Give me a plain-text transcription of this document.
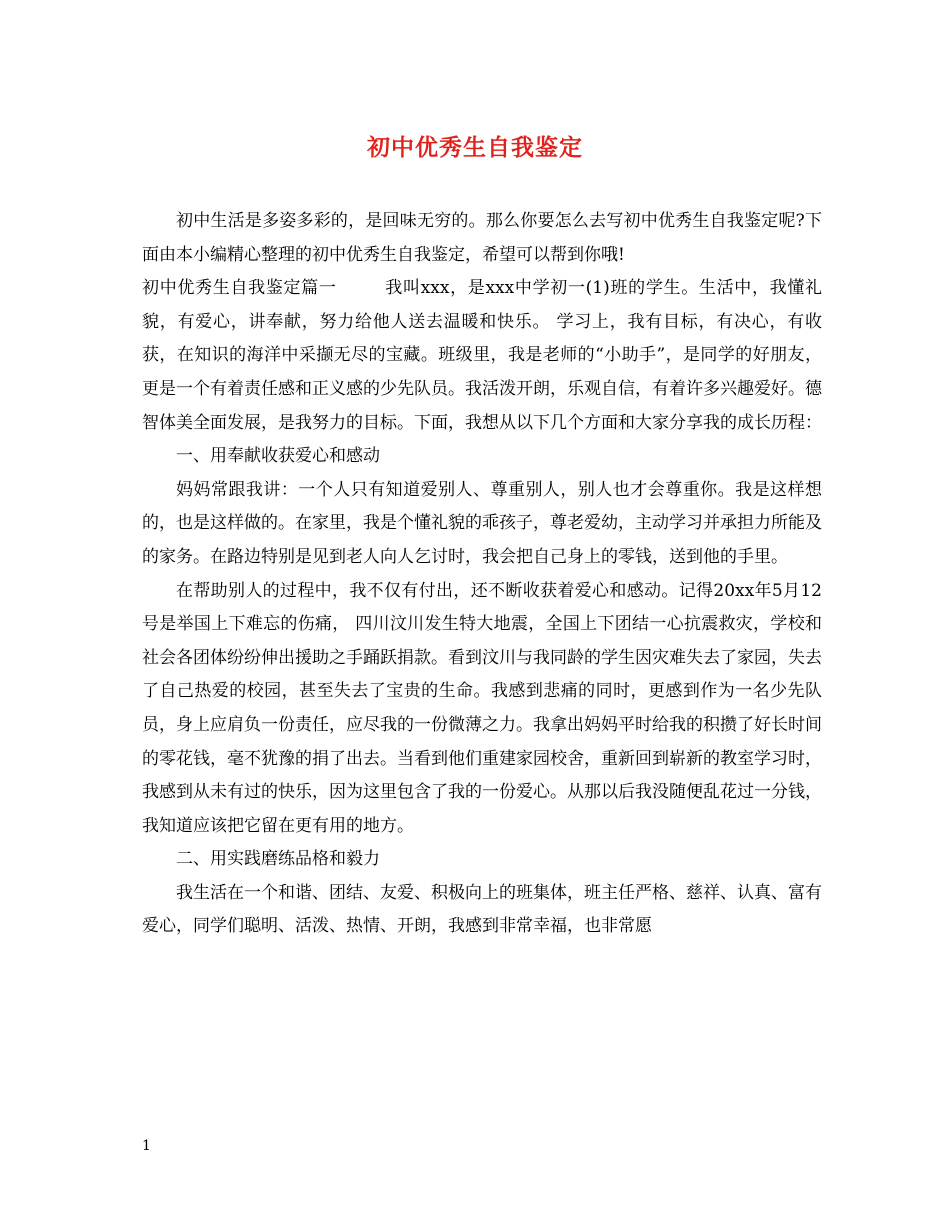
初中优秀生自我鉴定

初中生活是多姿多彩的，是回味无穷的。那么你要怎么去写初中优秀生自我鉴定呢?下面由本小编精心整理的初中优秀生自我鉴定，希望可以帮到你哦!

初中优秀生自我鉴定篇一	我叫xxx，是xxx中学初一(1)班的学生。生活中，我懂礼貌，有爱心，讲奉献，努力给他人送去温暖和快乐。 学习上，我有目标，有决心，有收获，在知识的海洋中采撷无尽的宝藏。班级里，我是老师的“小助手”，是同学的好朋友，更是一个有着责任感和正义感的少先队员。我活泼开朗，乐观自信，有着许多兴趣爱好。德智体美全面发展，是我努力的目标。下面，我想从以下几个方面和大家分享我的成长历程：

一、用奉献收获爱心和感动

妈妈常跟我讲：一个人只有知道爱别人、尊重别人，别人也才会尊重你。我是这样想的，也是这样做的。在家里，我是个懂礼貌的乖孩子，尊老爱幼，主动学习并承担力所能及的家务。在路边特别是见到老人向人乞讨时，我会把自己身上的零钱，送到他的手里。

在帮助别人的过程中，我不仅有付出，还不断收获着爱心和感动。记得20xx年5月12号是举国上下难忘的伤痛， 四川汶川发生特大地震，全国上下团结一心抗震救灾，学校和社会各团体纷纷伸出援助之手踊跃捐款。看到汶川与我同龄的学生因灾难失去了家园，失去了自己热爱的校园，甚至失去了宝贵的生命。我感到悲痛的同时，更感到作为一名少先队员，身上应肩负一份责任，应尽我的一份微薄之力。我拿出妈妈平时给我的积攒了好长时间的零花钱，毫不犹豫的捐了出去。当看到他们重建家园校舍，重新回到崭新的教室学习时，我感到从未有过的快乐，因为这里包含了我的一份爱心。从那以后我没随便乱花过一分钱，我知道应该把它留在更有用的地方。

二、用实践磨练品格和毅力

我生活在一个和谐、团结、友爱、积极向上的班集体，班主任严格、慈祥、认真、富有爱心，同学们聪明、活泼、热情、开朗，我感到非常幸福，也非常愿

1
